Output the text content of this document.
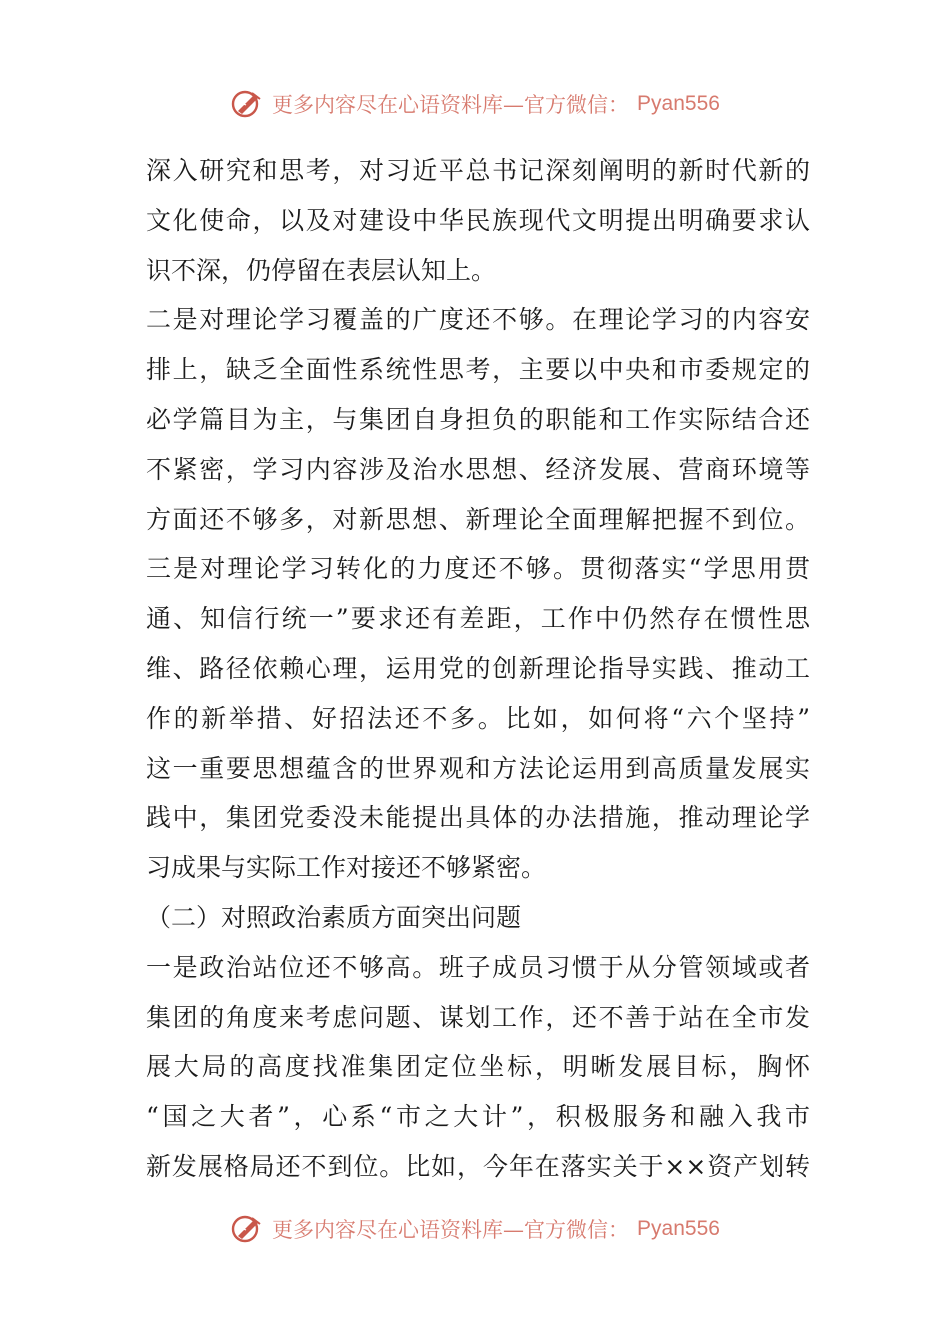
更多内容尽在心语资料库—官方微信： Pyan556
深入研究和思考，对习近平总书记深刻阐明的新时代新的
文化使命，以及对建设中华民族现代文明提出明确要求认
识不深，仍停留在表层认知上。
二是对理论学习覆盖的广度还不够。在理论学习的内容安
排上，缺乏全面性系统性思考，主要以中央和市委规定的
必学篇目为主，与集团自身担负的职能和工作实际结合还
不紧密，学习内容涉及治水思想、经济发展、营商环境等
方面还不够多，对新思想、新理论全面理解把握不到位。
三是对理论学习转化的力度还不够。贯彻落实“学思用贯
通、知信行统一”要求还有差距，工作中仍然存在惯性思
维、路径依赖心理，运用党的创新理论指导实践、推动工
作的新举措、好招法还不多。比如，如何将“六个坚持”
这一重要思想蕴含的世界观和方法论运用到高质量发展实
践中，集团党委没未能提出具体的办法措施，推动理论学
习成果与实际工作对接还不够紧密。
（二）对照政治素质方面突出问题
一是政治站位还不够高。班子成员习惯于从分管领域或者
集团的角度来考虑问题、谋划工作，还不善于站在全市发
展大局的高度找准集团定位坐标，明晰发展目标，胸怀
“国之大者”，心系“市之大计”，积极服务和融入我市
新发展格局还不到位。比如，今年在落实关于××资产划转
更多内容尽在心语资料库—官方微信： Pyan556
